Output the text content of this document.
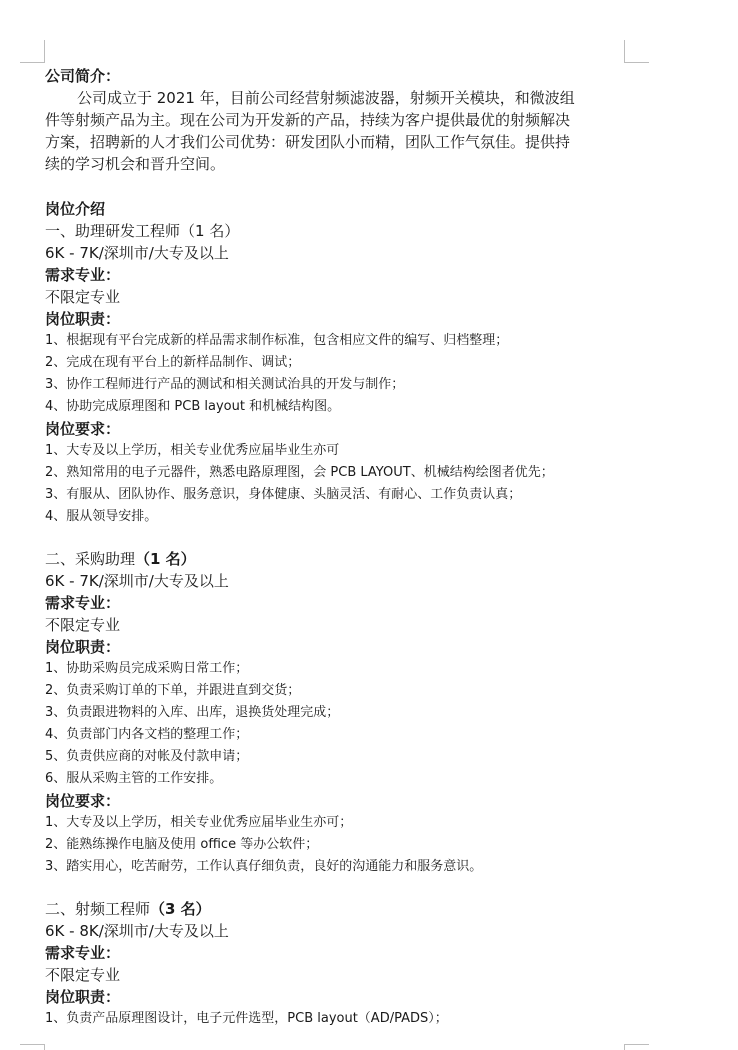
公司简介：
公司成立于 2021 年，目前公司经营射频滤波器，射频开关模块，和微波组
件等射频产品为主。现在公司为开发新的产品，持续为客户提供最优的射频解决
方案，招聘新的人才我们公司优势：研发团队小而精，团队工作气氛佳。提供持
续的学习机会和晋升空间。
岗位介绍
一、助理研发工程师（1 名）
6K - 7K/深圳市/大专及以上
需求专业：
不限定专业
岗位职责：
1、根据现有平台完成新的样品需求制作标准，包含相应文件的编写、归档整理；
2、完成在现有平台上的新样品制作、调试；
3、协作工程师进行产品的测试和相关测试治具的开发与制作；
4、协助完成原理图和 PCB layout 和机械结构图。
岗位要求：
1、大专及以上学历，相关专业优秀应届毕业生亦可
2、熟知常用的电子元器件，熟悉电路原理图，会 PCB LAYOUT、机械结构绘图者优先；
3、有服从、团队协作、服务意识，身体健康、头脑灵活、有耐心、工作负责认真；
4、服从领导安排。
二、采购助理（1 名）
6K - 7K/深圳市/大专及以上
需求专业：
不限定专业
岗位职责：
1、协助采购员完成采购日常工作；
2、负责采购订单的下单，并跟进直到交货；
3、负责跟进物料的入库、出库，退换货处理完成；
4、负责部门内各文档的整理工作；
5、负责供应商的对帐及付款申请；
6、服从采购主管的工作安排。
岗位要求：
1、大专及以上学历，相关专业优秀应届毕业生亦可；
2、能熟练操作电脑及使用 office 等办公软件；
3、踏实用心，吃苦耐劳，工作认真仔细负责，良好的沟通能力和服务意识。
二、射频工程师（3 名）
6K - 8K/深圳市/大专及以上
需求专业：
不限定专业
岗位职责：
1、负责产品原理图设计，电子元件选型，PCB layout（AD/PADS）；
